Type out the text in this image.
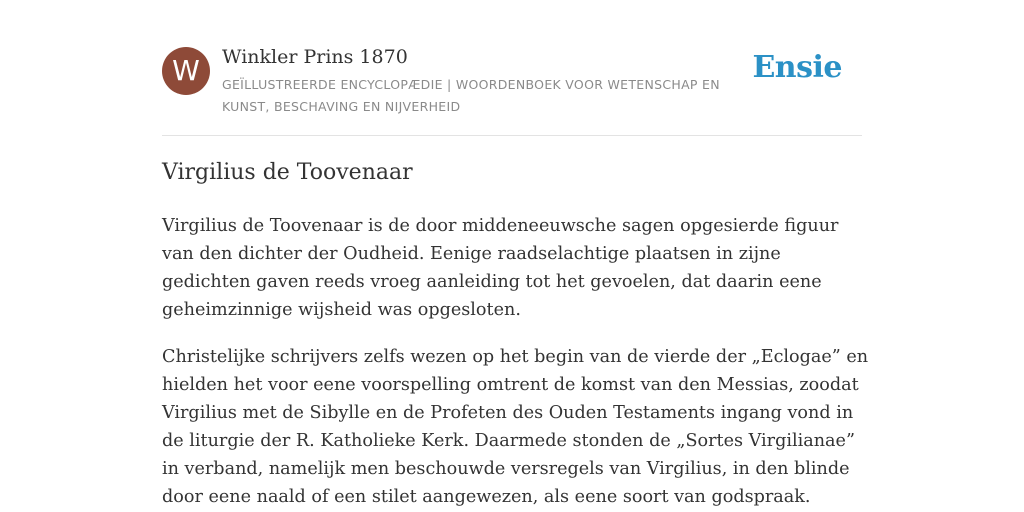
W	Winkler Prins 1870
GEÏLLUSTREERDE ENCYCLOPÆDIE | WOORDENBOEK VOOR WETENSCHAP EN KUNST, BESCHAVING EN NIJVERHEID
Ensie
Virgilius de Toovenaar

Virgilius de Toovenaar is de door middeneeuwsche sagen opgesierde figuur van den dichter der Oudheid. Eenige raadselachtige plaatsen in zijne gedichten gaven reeds vroeg aanleiding tot het gevoelen, dat daarin eene geheimzinnige wijsheid was opgesloten.

Christelijke schrijvers zelfs wezen op het begin van de vierde der „Eclogae” en hielden het voor eene voorspelling omtrent de komst van den Messias, zoodat Virgilius met de Sibylle en de Profeten des Ouden Testaments ingang vond in de liturgie der R. Katholieke Kerk. Daarmede stonden de „Sortes Virgilianae” in verband, namelijk men beschouwde versregels van Virgilius, in den blinde door eene naald of een stilet aangewezen, als eene soort van godspraak.
